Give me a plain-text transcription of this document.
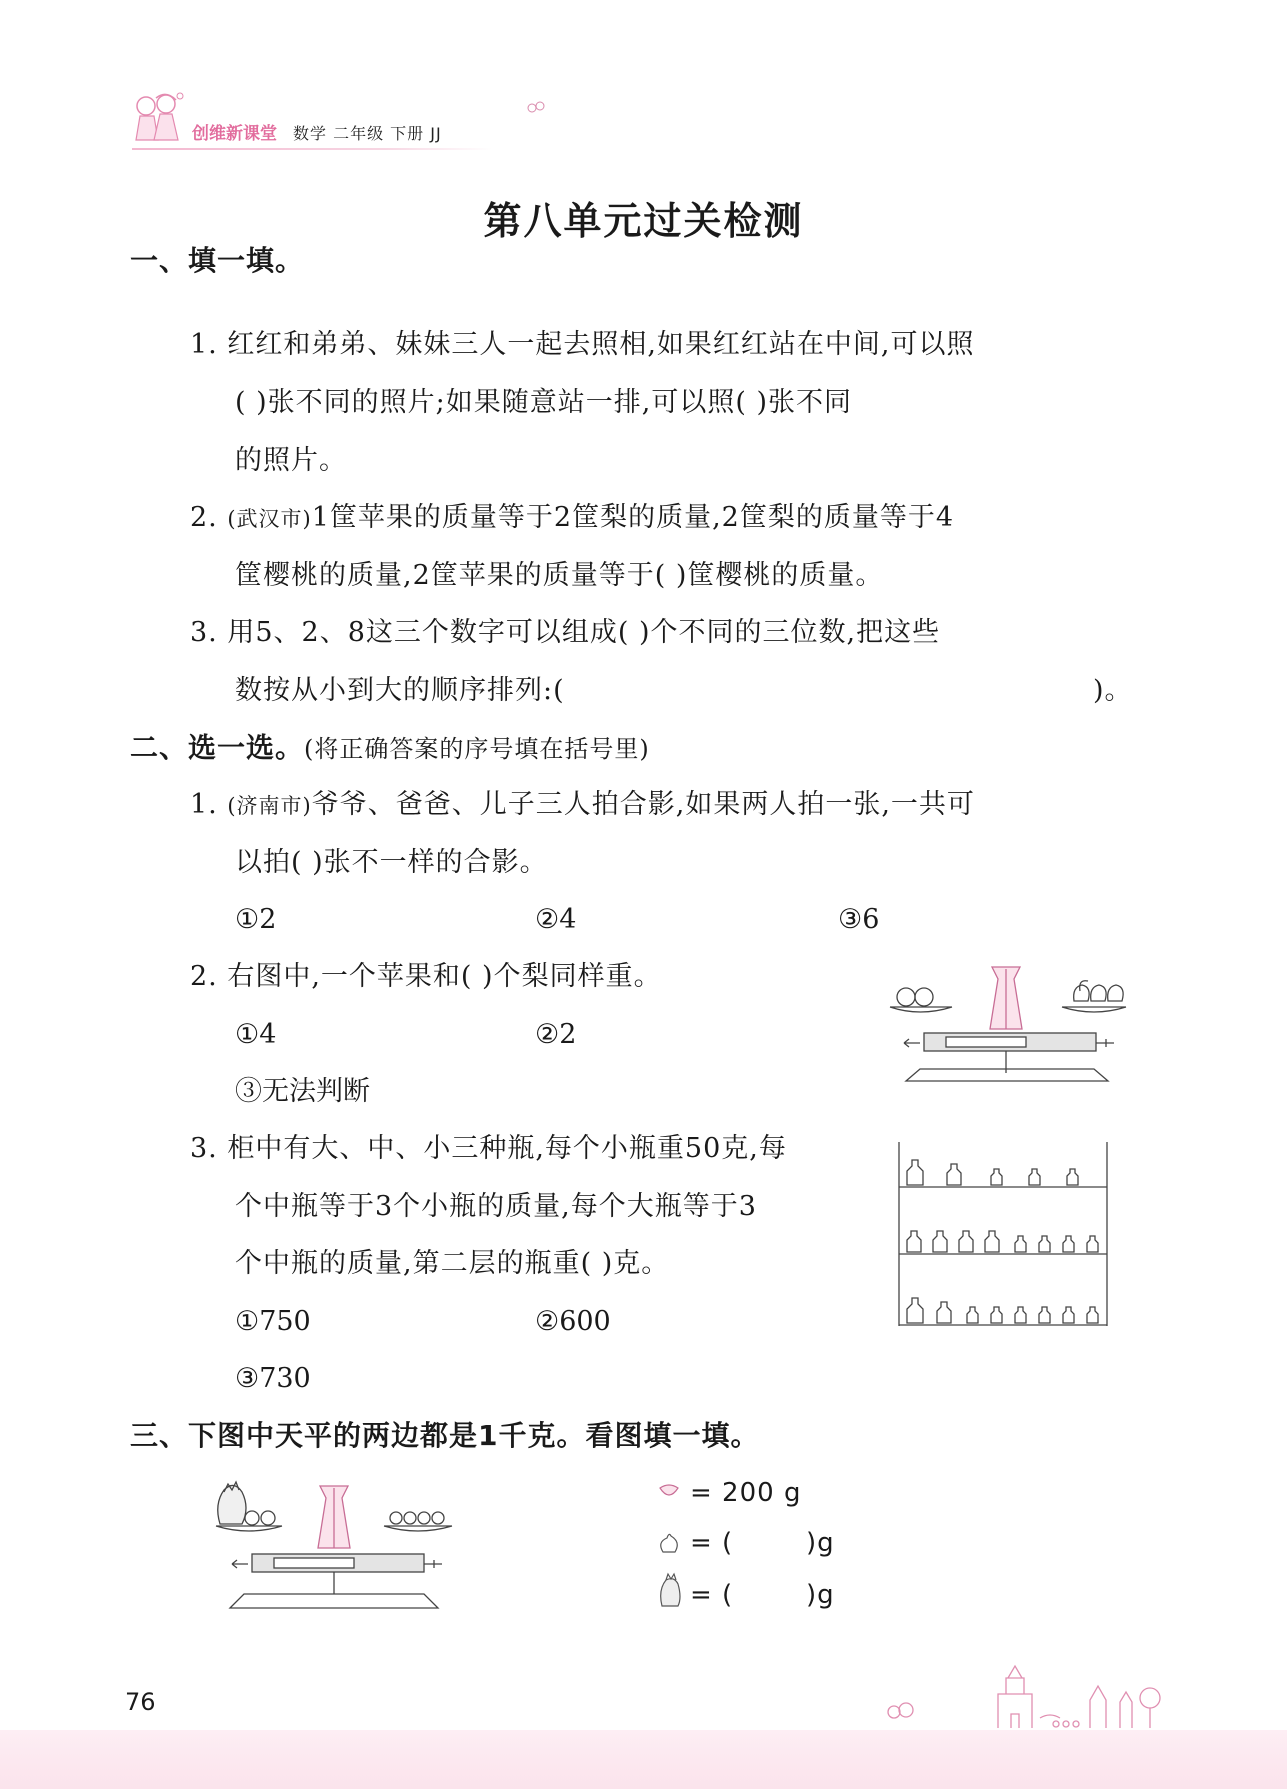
创维新课堂 数学 二年级 下册 JJ
第八单元过关检测
一、填一填。
1. 红红和弟弟、妹妹三人一起去照相,如果红红站在中间,可以照
( )张不同的照片;如果随意站一排,可以照( )张不同
的照片。
2. (武汉市)1筐苹果的质量等于2筐梨的质量,2筐梨的质量等于4
筐樱桃的质量,2筐苹果的质量等于( )筐樱桃的质量。
3. 用5、2、8这三个数字可以组成( )个不同的三位数,把这些
数按从小到大的顺序排列:(	)。
二、选一选。(将正确答案的序号填在括号里)
1. (济南市)爷爷、爸爸、儿子三人拍合影,如果两人拍一张,一共可
以拍( )张不一样的合影。
①2	②4	③6
2. 右图中,一个苹果和( )个梨同样重。
①4	②2
③无法判断
3. 柜中有大、中、小三种瓶,每个小瓶重50克,每
个中瓶等于3个小瓶的质量,每个大瓶等于3
个中瓶的质量,第二层的瓶重( )克。
①750	②600
③730
三、下图中天平的两边都是1千克。看图填一填。
= 200 g
= (	)g
= (	)g
76
